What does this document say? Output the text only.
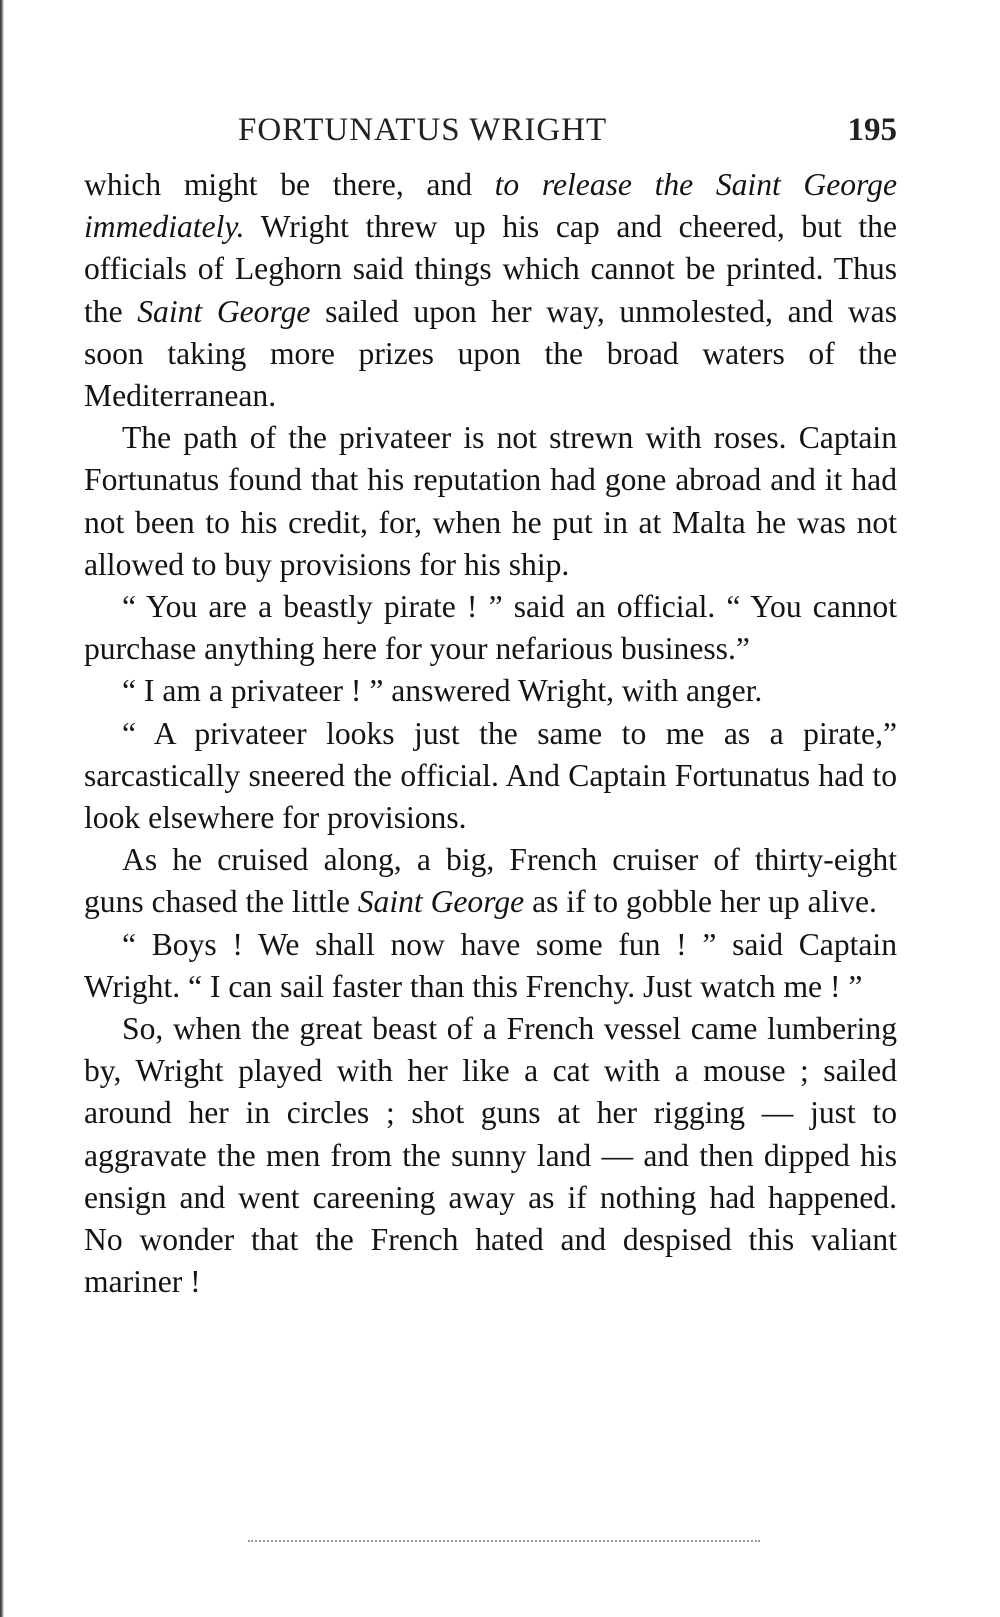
FORTUNATUS WRIGHT	195

which might be there, and to release the Saint George immediately. Wright threw up his cap and cheered, but the officials of Leghorn said things which cannot be printed. Thus the Saint George sailed upon her way, unmolested, and was soon taking more prizes upon the broad waters of the Mediterranean.

The path of the privateer is not strewn with roses. Captain Fortunatus found that his reputation had gone abroad and it had not been to his credit, for, when he put in at Malta he was not allowed to buy provisions for his ship.

“ You are a beastly pirate ! ” said an official. “ You cannot purchase anything here for your nefarious business.”

“ I am a privateer ! ” answered Wright, with anger.

“ A privateer looks just the same to me as a pirate,” sarcastically sneered the official. And Captain Fortunatus had to look elsewhere for provisions.

As he cruised along, a big, French cruiser of thirty-eight guns chased the little Saint George as if to gobble her up alive.

“ Boys ! We shall now have some fun ! ” said Captain Wright. “ I can sail faster than this Frenchy. Just watch me ! ”

So, when the great beast of a French vessel came lumbering by, Wright played with her like a cat with a mouse ; sailed around her in circles ; shot guns at her rigging — just to aggravate the men from the sunny land — and then dipped his ensign and went careening away as if nothing had happened. No wonder that the French hated and despised this valiant mariner !
